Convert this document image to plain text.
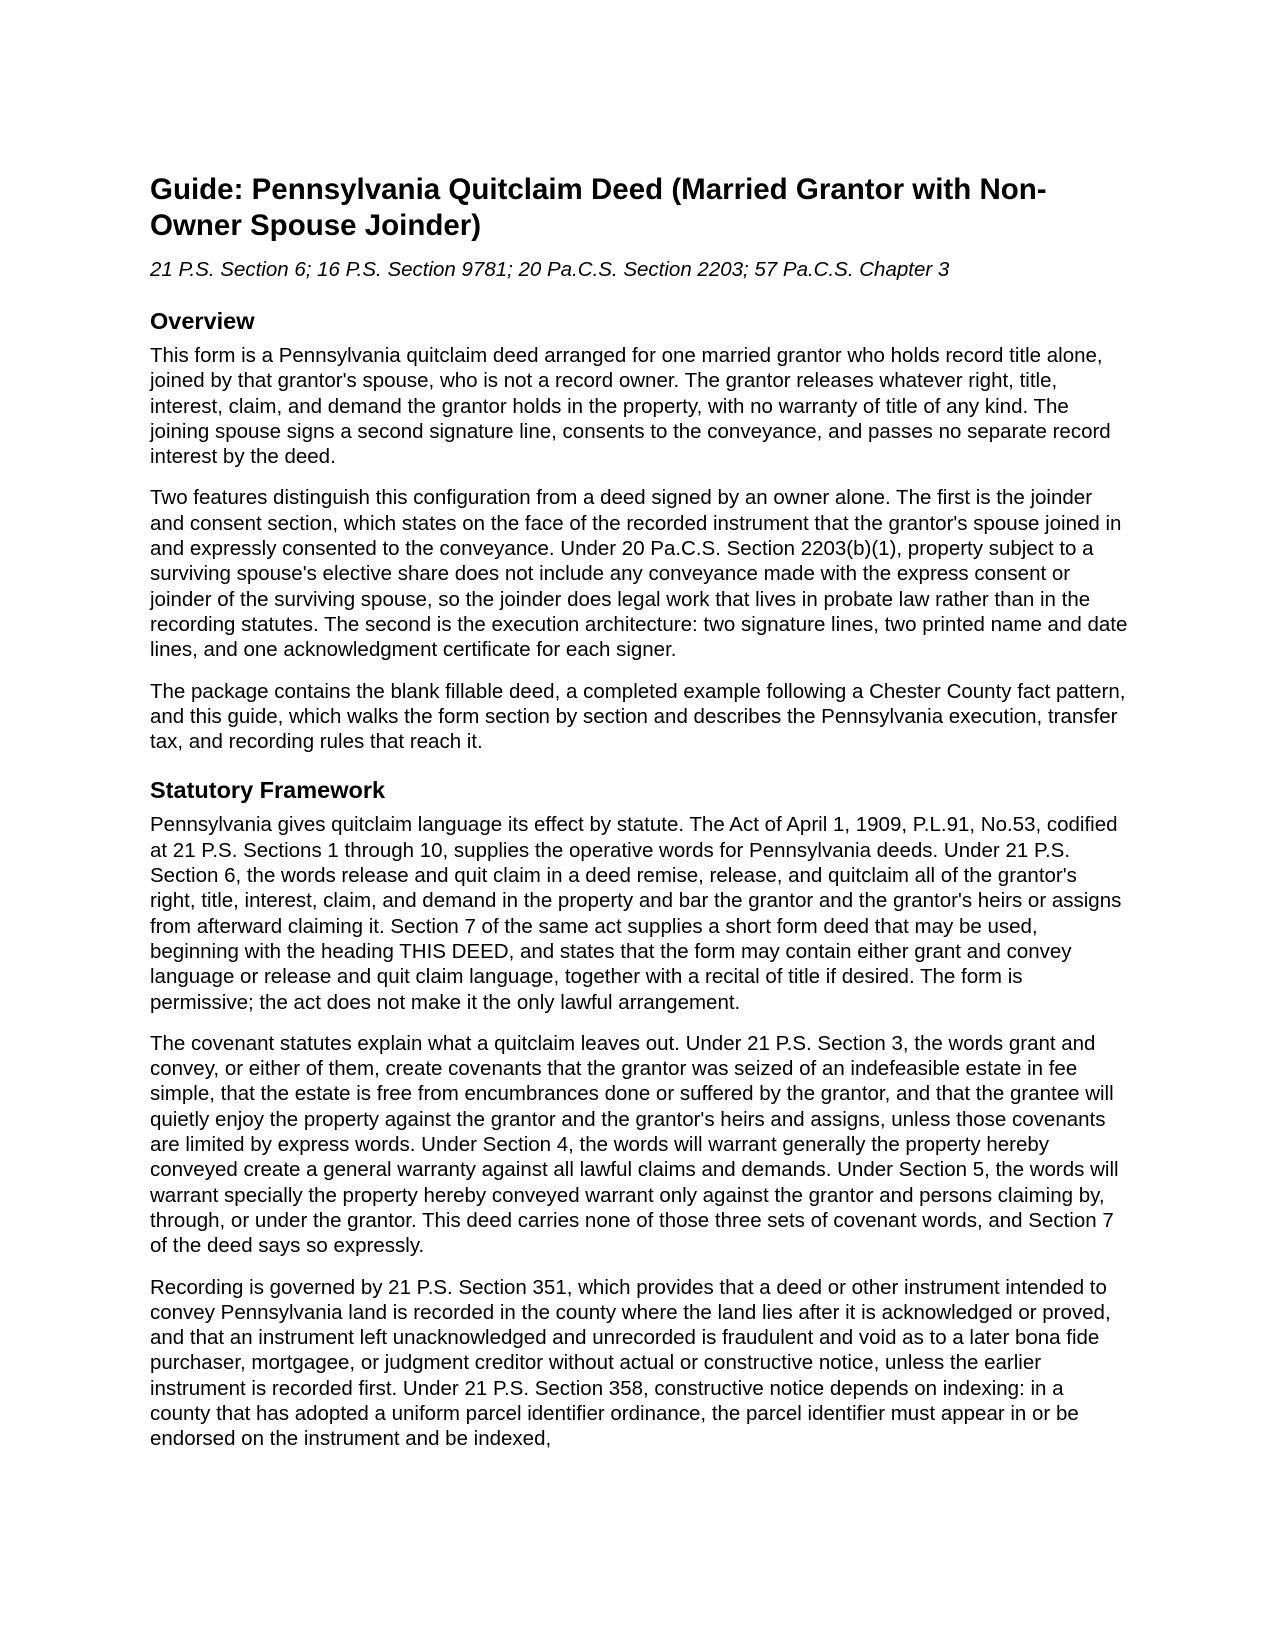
Guide: Pennsylvania Quitclaim Deed (Married Grantor with Non-Owner Spouse Joinder)
21 P.S. Section 6; 16 P.S. Section 9781; 20 Pa.C.S. Section 2203; 57 Pa.C.S. Chapter 3
Overview

This form is a Pennsylvania quitclaim deed arranged for one married grantor who holds record title alone, joined by that grantor's spouse, who is not a record owner. The grantor releases whatever right, title, interest, claim, and demand the grantor holds in the property, with no warranty of title of any kind. The joining spouse signs a second signature line, consents to the conveyance, and passes no separate record interest by the deed.

Two features distinguish this configuration from a deed signed by an owner alone. The first is the joinder and consent section, which states on the face of the recorded instrument that the grantor's spouse joined in and expressly consented to the conveyance. Under 20 Pa.C.S. Section 2203(b)(1), property subject to a surviving spouse's elective share does not include any conveyance made with the express consent or joinder of the surviving spouse, so the joinder does legal work that lives in probate law rather than in the recording statutes. The second is the execution architecture: two signature lines, two printed name and date lines, and one acknowledgment certificate for each signer.

The package contains the blank fillable deed, a completed example following a Chester County fact pattern, and this guide, which walks the form section by section and describes the Pennsylvania execution, transfer tax, and recording rules that reach it.

Statutory Framework

Pennsylvania gives quitclaim language its effect by statute. The Act of April 1, 1909, P.L.91, No.53, codified at 21 P.S. Sections 1 through 10, supplies the operative words for Pennsylvania deeds. Under 21 P.S. Section 6, the words release and quit claim in a deed remise, release, and quitclaim all of the grantor's right, title, interest, claim, and demand in the property and bar the grantor and the grantor's heirs or assigns from afterward claiming it. Section 7 of the same act supplies a short form deed that may be used, beginning with the heading THIS DEED, and states that the form may contain either grant and convey language or release and quit claim language, together with a recital of title if desired. The form is permissive; the act does not make it the only lawful arrangement.

The covenant statutes explain what a quitclaim leaves out. Under 21 P.S. Section 3, the words grant and convey, or either of them, create covenants that the grantor was seized of an indefeasible estate in fee simple, that the estate is free from encumbrances done or suffered by the grantor, and that the grantee will quietly enjoy the property against the grantor and the grantor's heirs and assigns, unless those covenants are limited by express words. Under Section 4, the words will warrant generally the property hereby conveyed create a general warranty against all lawful claims and demands. Under Section 5, the words will warrant specially the property hereby conveyed warrant only against the grantor and persons claiming by, through, or under the grantor. This deed carries none of those three sets of covenant words, and Section 7 of the deed says so expressly.

Recording is governed by 21 P.S. Section 351, which provides that a deed or other instrument intended to convey Pennsylvania land is recorded in the county where the land lies after it is acknowledged or proved, and that an instrument left unacknowledged and unrecorded is fraudulent and void as to a later bona fide purchaser, mortgagee, or judgment creditor without actual or constructive notice, unless the earlier instrument is recorded first. Under 21 P.S. Section 358, constructive notice depends on indexing: in a county that has adopted a uniform parcel identifier ordinance, the parcel identifier must appear in or be endorsed on the instrument and be indexed,
